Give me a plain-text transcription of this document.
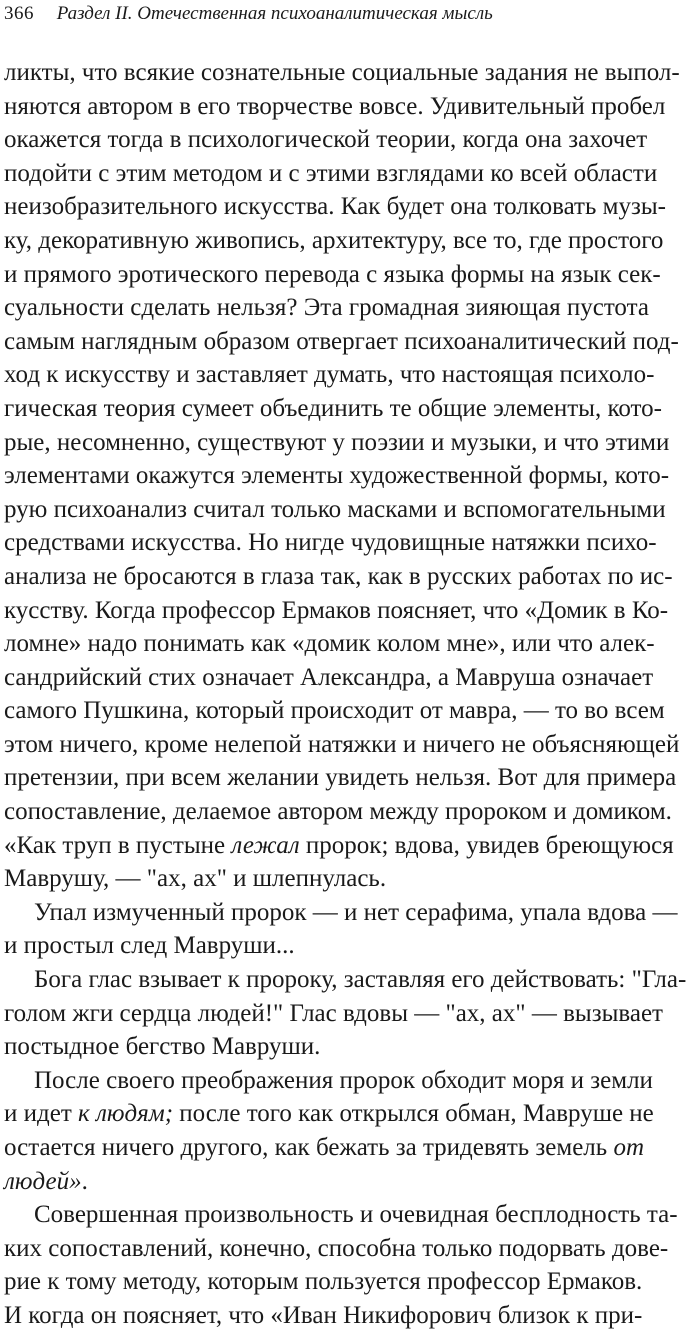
366 Раздел II. Отечественная психоаналитическая мысль
ликты, что всякие сознательные социальные задания не выпол-
няются автором в его творчестве вовсе. Удивительный пробел
окажется тогда в психологической теории, когда она захочет
подойти с этим методом и с этими взглядами ко всей области
неизобразительного искусства. Как будет она толковать музы-
ку, декоративную живопись, архитектуру, все то, где простого
и прямого эротического перевода с языка формы на язык сек-
суальности сделать нельзя? Эта громадная зияющая пустота
самым наглядным образом отвергает психоаналитический под-
ход к искусству и заставляет думать, что настоящая психоло-
гическая теория сумеет объединить те общие элементы, кото-
рые, несомненно, существуют у поэзии и музыки, и что этими
элементами окажутся элементы художественной формы, кото-
рую психоанализ считал только масками и вспомогательными
средствами искусства. Но нигде чудовищные натяжки психо-
анализа не бросаются в глаза так, как в русских работах по ис-
кусству. Когда профессор Ермаков поясняет, что «Домик в Ко-
ломне» надо понимать как «домик колом мне», или что алек-
сандрийский стих означает Александра, а Мавруша означает
самого Пушкина, который происходит от мавра, — то во всем
этом ничего, кроме нелепой натяжки и ничего не объясняющей
претензии, при всем желании увидеть нельзя. Вот для примера
сопоставление, делаемое автором между пророком и домиком.
«Как труп в пустыне лежал пророк; вдова, увидев бреющуюся
Маврушу, — "ах, ах" и шлепнулась.
Упал измученный пророк — и нет серафима, упала вдова —
и простыл след Мавруши...
Бога глас взывает к пророку, заставляя его действовать: "Гла-
голом жги сердца людей!" Глас вдовы — "ах, ах" — вызывает
постыдное бегство Мавруши.
После своего преображения пророк обходит моря и земли
и идет к людям; после того как открылся обман, Мавруше не
остается ничего другого, как бежать за тридевять земель от
людей».
Совершенная произвольность и очевидная бесплодность та-
ких сопоставлений, конечно, способна только подорвать дове-
рие к тому методу, которым пользуется профессор Ермаков.
И когда он поясняет, что «Иван Никифорович близок к при-
